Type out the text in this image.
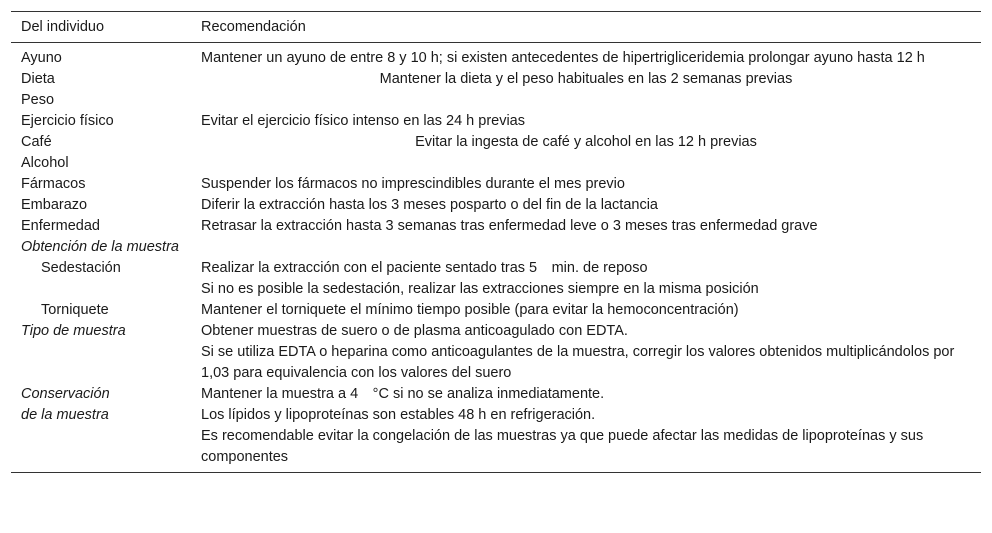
Del individuo	Recomendación
Ayuno	Mantener un ayuno de entre 8 y 10 h; si existen antecedentes de hipertrigliceridemia prolongar ayuno hasta 12 h

Dieta
Peso	Mantener la dieta y el peso habituales en las 2 semanas previas
Ejercicio físico	Evitar el ejercicio físico intenso en las 24 h previas

Café
Alcohol	Evitar la ingesta de café y alcohol en las 12 h previas
Fármacos	Suspender los fármacos no imprescindibles durante el mes previo
Embarazo	Diferir la extracción hasta los 3 meses posparto o del fin de la lactancia
Enfermedad	Retrasar la extracción hasta 3 semanas tras enfermedad leve o 3 meses tras enfermedad grave
Obtención de la muestra	
Sedestación	Realizar la extracción con el paciente sentado tras 5 min. de reposo
Si no es posible la sedestación, realizar las extracciones siempre en la misma posición

Torniquete	Mantener el torniquete el mínimo tiempo posible (para evitar la hemoconcentración)
Tipo de muestra	Obtener muestras de suero o de plasma anticoagulado con EDTA.
Si se utiliza EDTA o heparina como anticoagulantes de la muestra, corregir los valores obtenidos multiplicándolos por 1,03 para equivalencia con los valores del suero

Conservación
de la muestra	Mantener la muestra a 4 °C si no se analiza inmediatamente.
Los lípidos y lipoproteínas son estables 48 h en refrigeración.
Es recomendable evitar la congelación de las muestras ya que puede afectar las medidas de lipoproteínas y sus componentes
